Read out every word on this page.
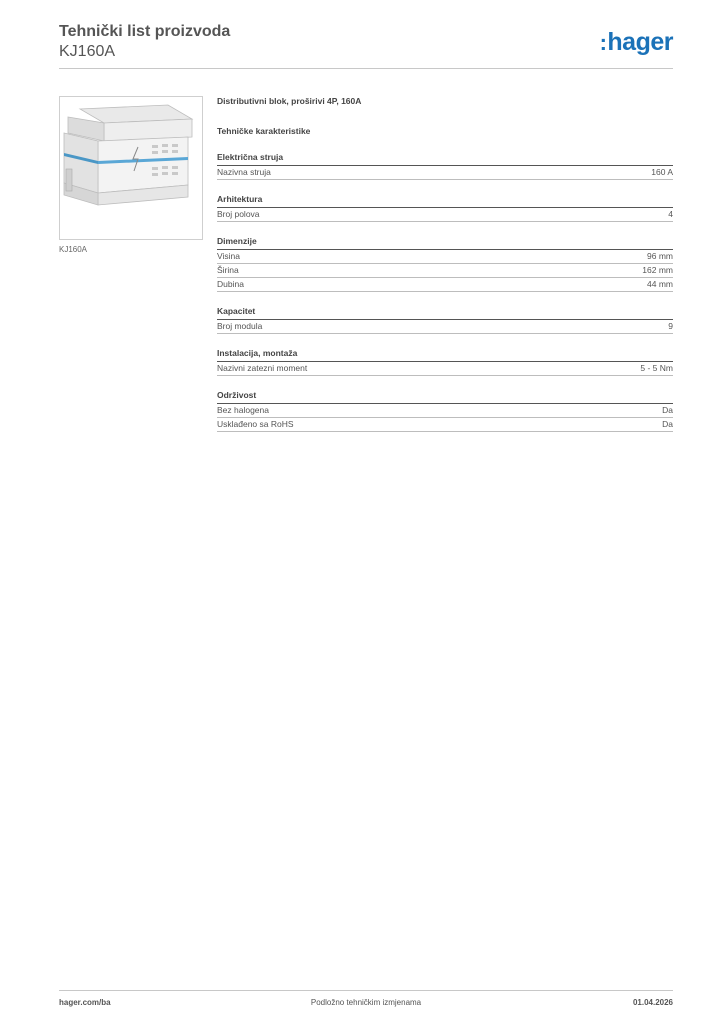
Tehnički list proizvoda
KJ160A	:hager
KJ160A
Distributivni blok, proširivi 4P, 160A
Tehničke karakteristike
Električna struja
Nazivna struja	160 A
Arhitektura
Broj polova	4
Dimenzije
Visina	96 mm
Širina	162 mm
Dubina	44 mm
Kapacitet
Broj modula	9
Instalacija, montaža
Nazivni zatezni moment	5 - 5 Nm
Održivost
Bez halogena	Da
Usklađeno sa RoHS	Da
hager.com/ba	Podložno tehničkim izmjenama	01.04.2026
